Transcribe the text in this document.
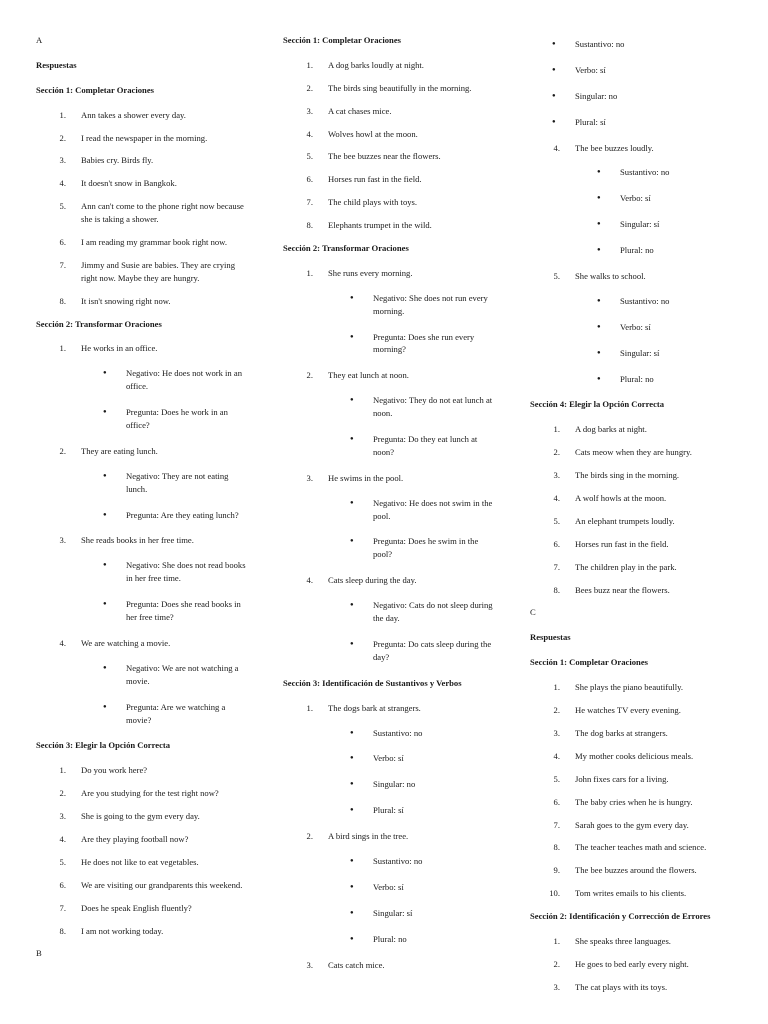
A
Respuestas
Sección 1: Completar Oraciones
1. Ann takes a shower every day.
2. I read the newspaper in the morning.
3. Babies cry. Birds fly.
4. It doesn't snow in Bangkok.
5. Ann can't come to the phone right now because she is taking a shower.
6. I am reading my grammar book right now.
7. Jimmy and Susie are babies. They are crying right now. Maybe they are hungry.
8. It isn't snowing right now.
Sección 2: Transformar Oraciones
1. He works in an office.
● Negativo: He does not work in an office.
● Pregunta: Does he work in an office?
2. They are eating lunch.
● Negativo: They are not eating lunch.
● Pregunta: Are they eating lunch?
3. She reads books in her free time.
● Negativo: She does not read books in her free time.
● Pregunta: Does she read books in her free time?
4. We are watching a movie.
● Negativo: We are not watching a movie.
● Pregunta: Are we watching a movie?
Sección 3: Elegir la Opción Correcta
1. Do you work here?
2. Are you studying for the test right now?
3. She is going to the gym every day.
4. Are they playing football now?
5. He does not like to eat vegetables.
6. We are visiting our grandparents this weekend.
7. Does he speak English fluently?
8. I am not working today.
B
Sección 1: Completar Oraciones
1. A dog barks loudly at night.
2. The birds sing beautifully in the morning.
3. A cat chases mice.
4. Wolves howl at the moon.
5. The bee buzzes near the flowers.
6. Horses run fast in the field.
7. The child plays with toys.
8. Elephants trumpet in the wild.
Sección 2: Transformar Oraciones
1. She runs every morning.
● Negativo: She does not run every morning.
● Pregunta: Does she run every morning?
2. They eat lunch at noon.
● Negativo: They do not eat lunch at noon.
● Pregunta: Do they eat lunch at noon?
3. He swims in the pool.
● Negativo: He does not swim in the pool.
● Pregunta: Does he swim in the pool?
4. Cats sleep during the day.
● Negativo: Cats do not sleep during the day.
● Pregunta: Do cats sleep during the day?
Sección 3: Identificación de Sustantivos y Verbos
1. The dogs bark at strangers.
● Sustantivo: no
● Verbo: sí
● Singular: no
● Plural: sí
2. A bird sings in the tree.
● Sustantivo: no
● Verbo: sí
● Singular: sí
● Plural: no
3. Cats catch mice.
● Sustantivo: no
● Verbo: sí
● Singular: no
● Plural: sí
4. The bee buzzes loudly.
● Sustantivo: no
● Verbo: sí
● Singular: sí
● Plural: no
5. She walks to school.
● Sustantivo: no
● Verbo: sí
● Singular: sí
● Plural: no
Sección 4: Elegir la Opción Correcta
1. A dog barks at night.
2. Cats meow when they are hungry.
3. The birds sing in the morning.
4. A wolf howls at the moon.
5. An elephant trumpets loudly.
6. Horses run fast in the field.
7. The children play in the park.
8. Bees buzz near the flowers.
C
Respuestas
Sección 1: Completar Oraciones
1. She plays the piano beautifully.
2. He watches TV every evening.
3. The dog barks at strangers.
4. My mother cooks delicious meals.
5. John fixes cars for a living.
6. The baby cries when he is hungry.
7. Sarah goes to the gym every day.
8. The teacher teaches math and science.
9. The bee buzzes around the flowers.
10. Tom writes emails to his clients.
Sección 2: Identificación y Corrección de Errores
1. She speaks three languages.
2. He goes to bed early every night.
3. The cat plays with its toys.
